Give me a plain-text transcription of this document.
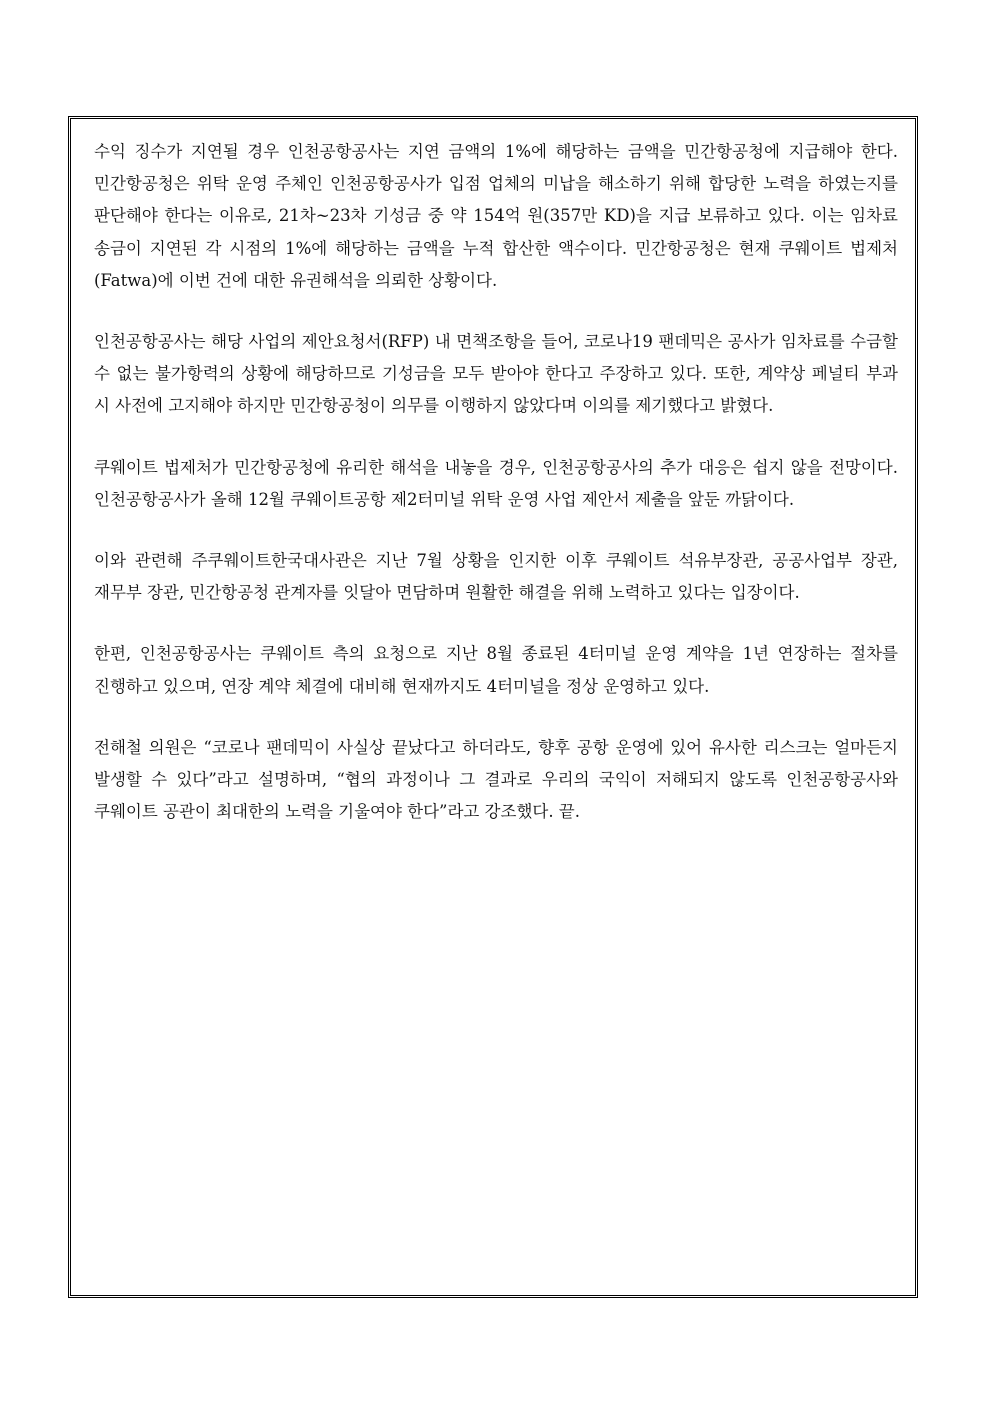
수익 징수가 지연될 경우 인천공항공사는 지연 금액의 1%에 해당하는 금액을 민간항공청에 지급해야 한다. 민간항공청은 위탁 운영 주체인 인천공항공사가 입점 업체의 미납을 해소하기 위해 합당한 노력을 하였는지를 판단해야 한다는 이유로, 21차~23차 기성금 중 약 154억 원(357만 KD)을 지급 보류하고 있다. 이는 임차료 송금이 지연된 각 시점의 1%에 해당하는 금액을 누적 합산한 액수이다. 민간항공청은 현재 쿠웨이트 법제처(Fatwa)에 이번 건에 대한 유권해석을 의뢰한 상황이다.

인천공항공사는 해당 사업의 제안요청서(RFP) 내 면책조항을 들어, 코로나19 팬데믹은 공사가 임차료를 수금할 수 없는 불가항력의 상황에 해당하므로 기성금을 모두 받아야 한다고 주장하고 있다. 또한, 계약상 페널티 부과 시 사전에 고지해야 하지만 민간항공청이 의무를 이행하지 않았다며 이의를 제기했다고 밝혔다.

쿠웨이트 법제처가 민간항공청에 유리한 해석을 내놓을 경우, 인천공항공사의 추가 대응은 쉽지 않을 전망이다. 인천공항공사가 올해 12월 쿠웨이트공항 제2터미널 위탁 운영 사업 제안서 제출을 앞둔 까닭이다.

이와 관련해 주쿠웨이트한국대사관은 지난 7월 상황을 인지한 이후 쿠웨이트 석유부장관, 공공사업부 장관, 재무부 장관, 민간항공청 관계자를 잇달아 면담하며 원활한 해결을 위해 노력하고 있다는 입장이다.

한편, 인천공항공사는 쿠웨이트 측의 요청으로 지난 8월 종료된 4터미널 운영 계약을 1년 연장하는 절차를 진행하고 있으며, 연장 계약 체결에 대비해 현재까지도 4터미널을 정상 운영하고 있다.

전해철 의원은 “코로나 팬데믹이 사실상 끝났다고 하더라도, 향후 공항 운영에 있어 유사한 리스크는 얼마든지 발생할 수 있다”라고 설명하며, “협의 과정이나 그 결과로 우리의 국익이 저해되지 않도록 인천공항공사와 쿠웨이트 공관이 최대한의 노력을 기울여야 한다”라고 강조했다. 끝.
